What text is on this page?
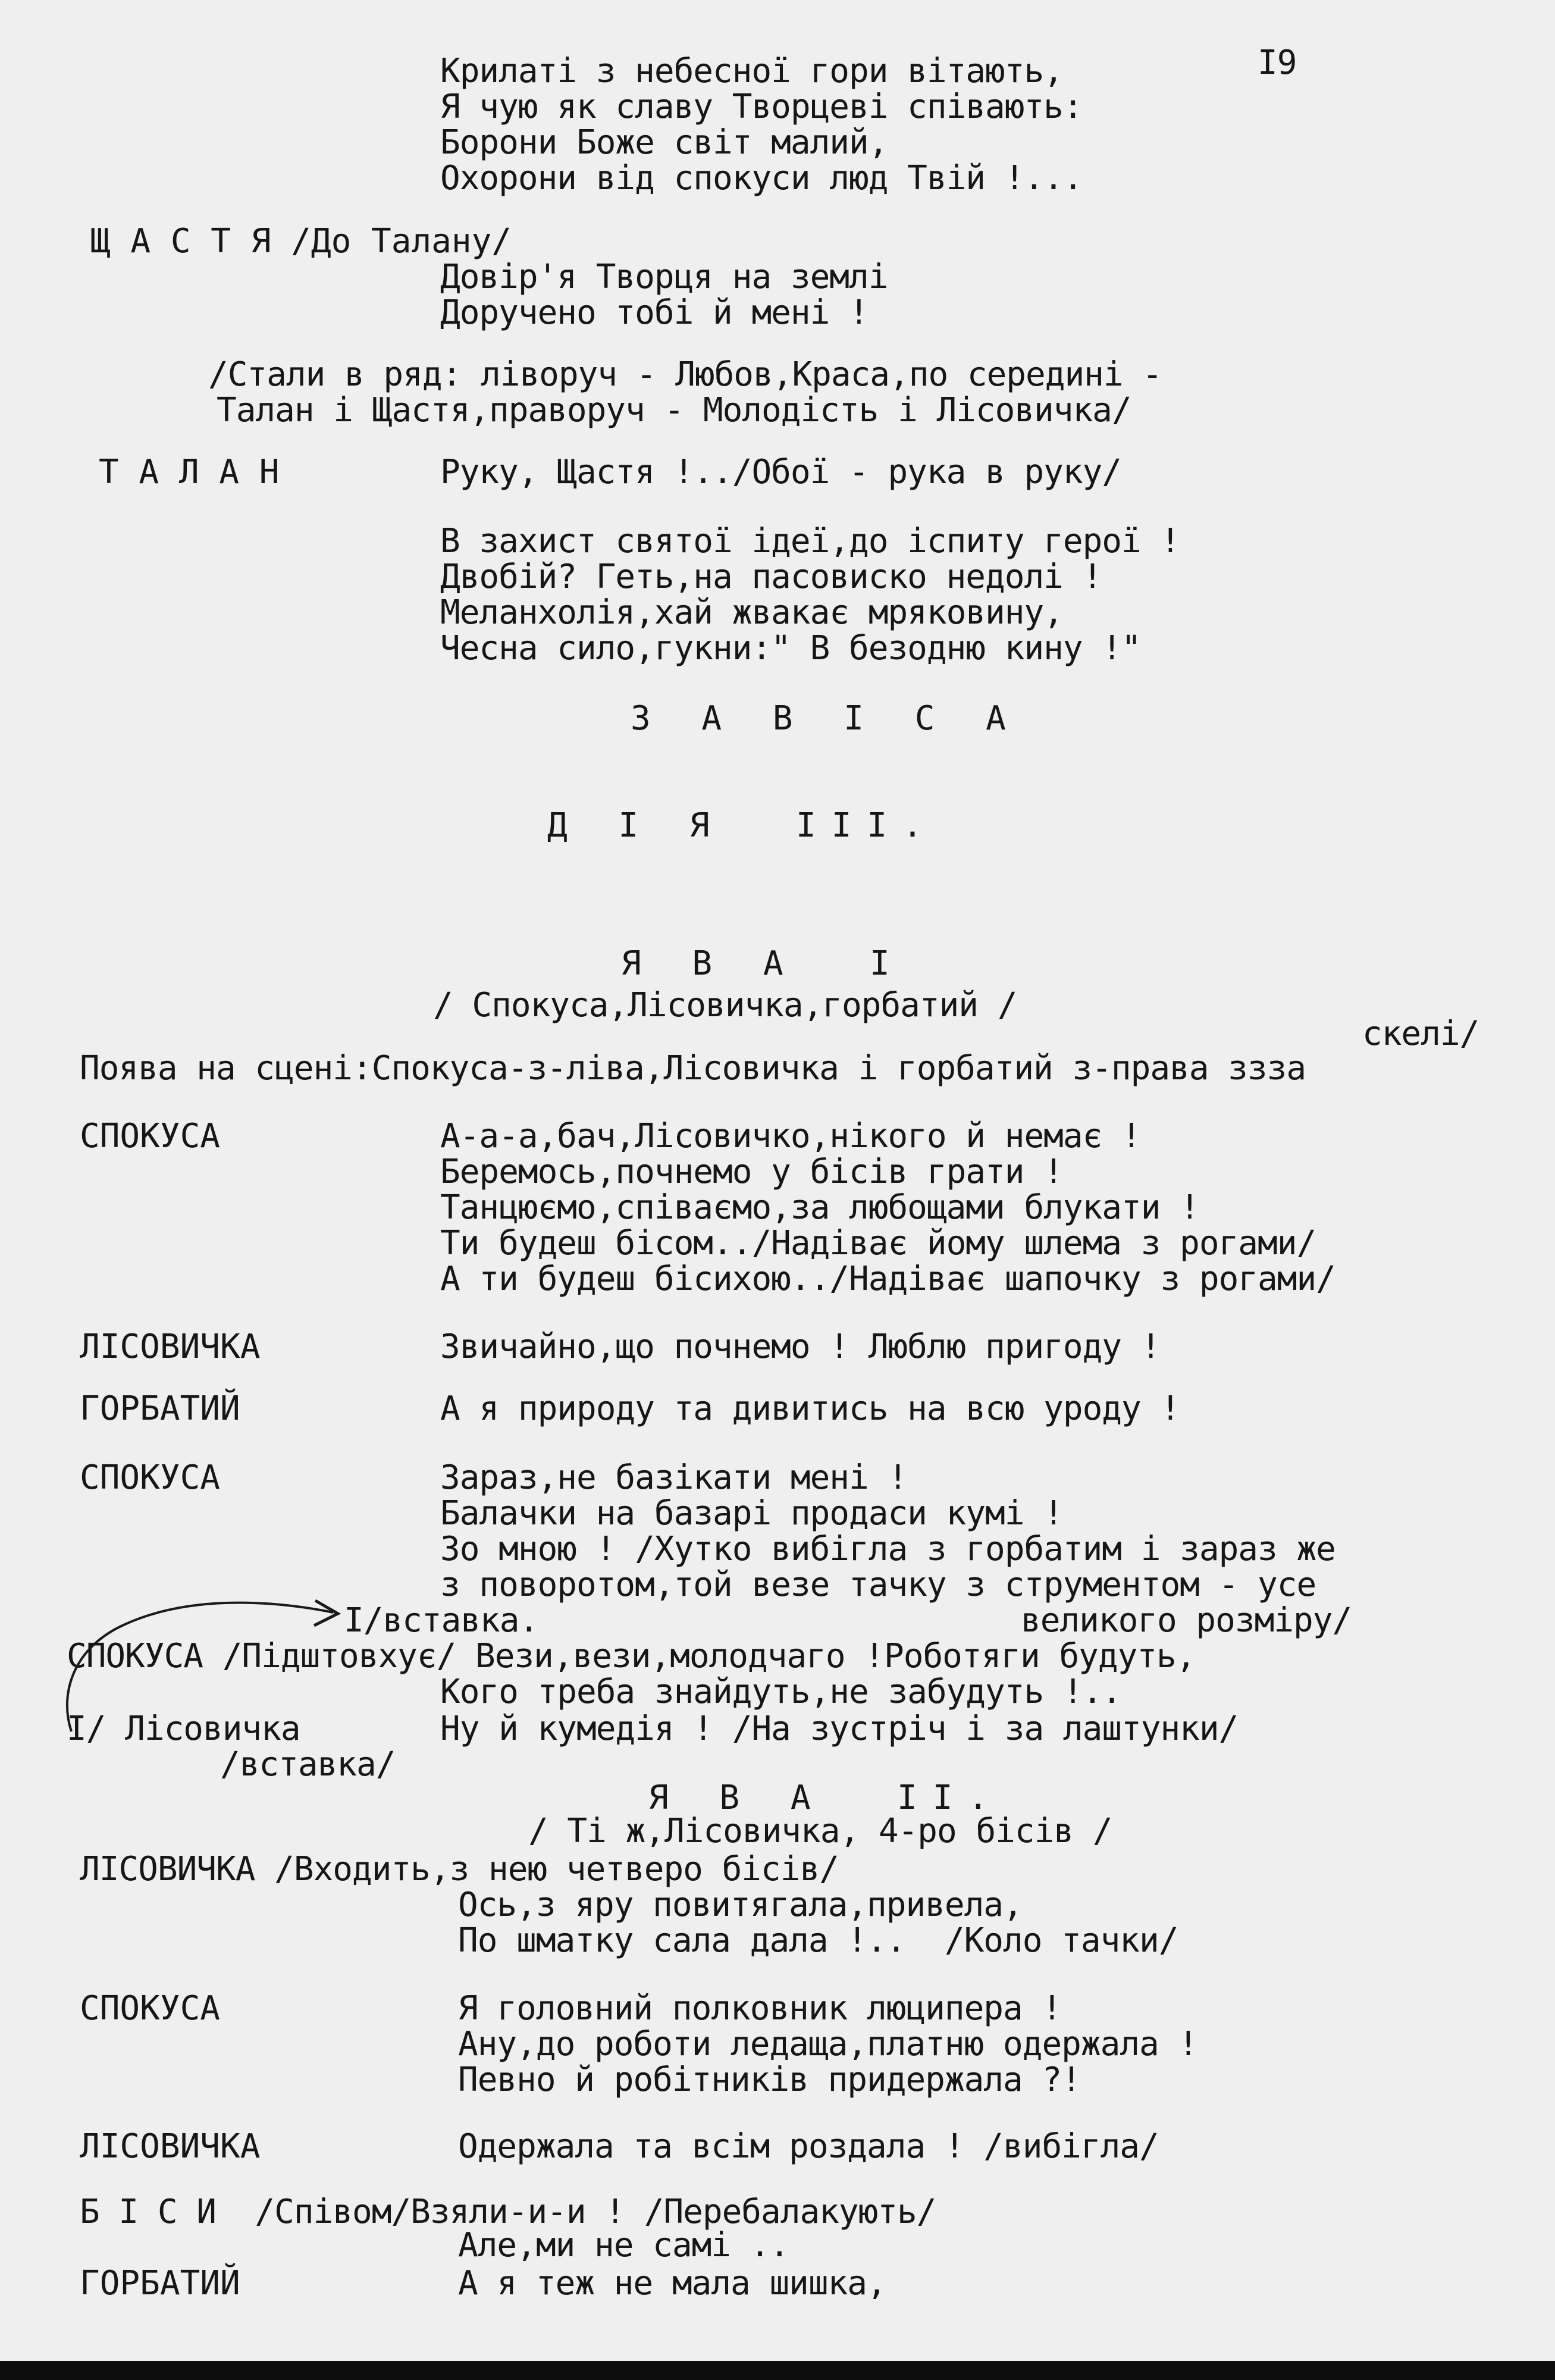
I9
Крилаті з небесної гори вітають,
Я чую як славу Творцеві співають:
Борони Боже світ малий,
Охорони від спокуси люд Твій !...
Щ А С Т Я /До Талану/
Довір'я Творця на землі
Доручено тобі й мені !
/Стали в ряд: ліворуч - Любов,Краса,по середині -
Талан і Щастя,праворуч - Молодість і Лісовичка/
Т А Л А Н	Руку, Щастя !../Обої - рука в руку/
В захист святої ідеї,до іспиту герої !
Двобій? Геть,на пасовиско недолі !
Меланхолія,хай жвакає мряковину,
Чесна сило,гукни:" В безодню кину !"
З А В І С А
Д І Я  ІІІ.
Я В А  І
/ Спокуса,Лісовичка,горбатий /
скелі/
Поява на сцені:Спокуса-з-ліва,Лісовичка і горбатий з-права ззза
СПОКУСА	А-а-а,бач,Лісовичко,нікого й немає !
Беремось,почнемо у бісів грати !
Танцюємо,співаємо,за любощами блукати !
Ти будеш бісом../Надіває йому шлема з рогами/
А ти будеш бісихою../Надіває шапочку з рогами/
ЛІСОВИЧКА	Звичайно,що почнемо ! Люблю пригоду !
ГОРБАТИЙ	А я природу та дивитись на всю уроду !
СПОКУСА	Зараз,не базікати мені !
Балачки на базарі продаси кумі !
Зо мною ! /Хутко вибігла з горбатим і зараз же
з поворотом,той везе тачку з струментом - усе
І/вставка.	великого розміру/
СПОКУСА /Підштовхує/ Вези,вези,молодчаго !Роботяги будуть,
Кого треба знайдуть,не забудуть !..
І/ Лісовичка	Ну й кумедія ! /На зустріч і за лаштунки/
/вставка/
Я В А  ІІ.
/ Ті ж,Лісовичка, 4-ро бісів /
ЛІСОВИЧКА /Входить,з нею четверо бісів/
Ось,з яру повитягала,привела,
По шматку сала дала !..  /Коло тачки/
СПОКУСА	Я головний полковник люципера !
Ану,до роботи ледаща,платню одержала !
Певно й робітників придержала ?!
ЛІСОВИЧКА	Одержала та всім роздала ! /вибігла/
Б І С И  /Співом/Взяли-и-и ! /Перебалакують/
Але,ми не самі ..
ГОРБАТИЙ	А я теж не мала шишка,
